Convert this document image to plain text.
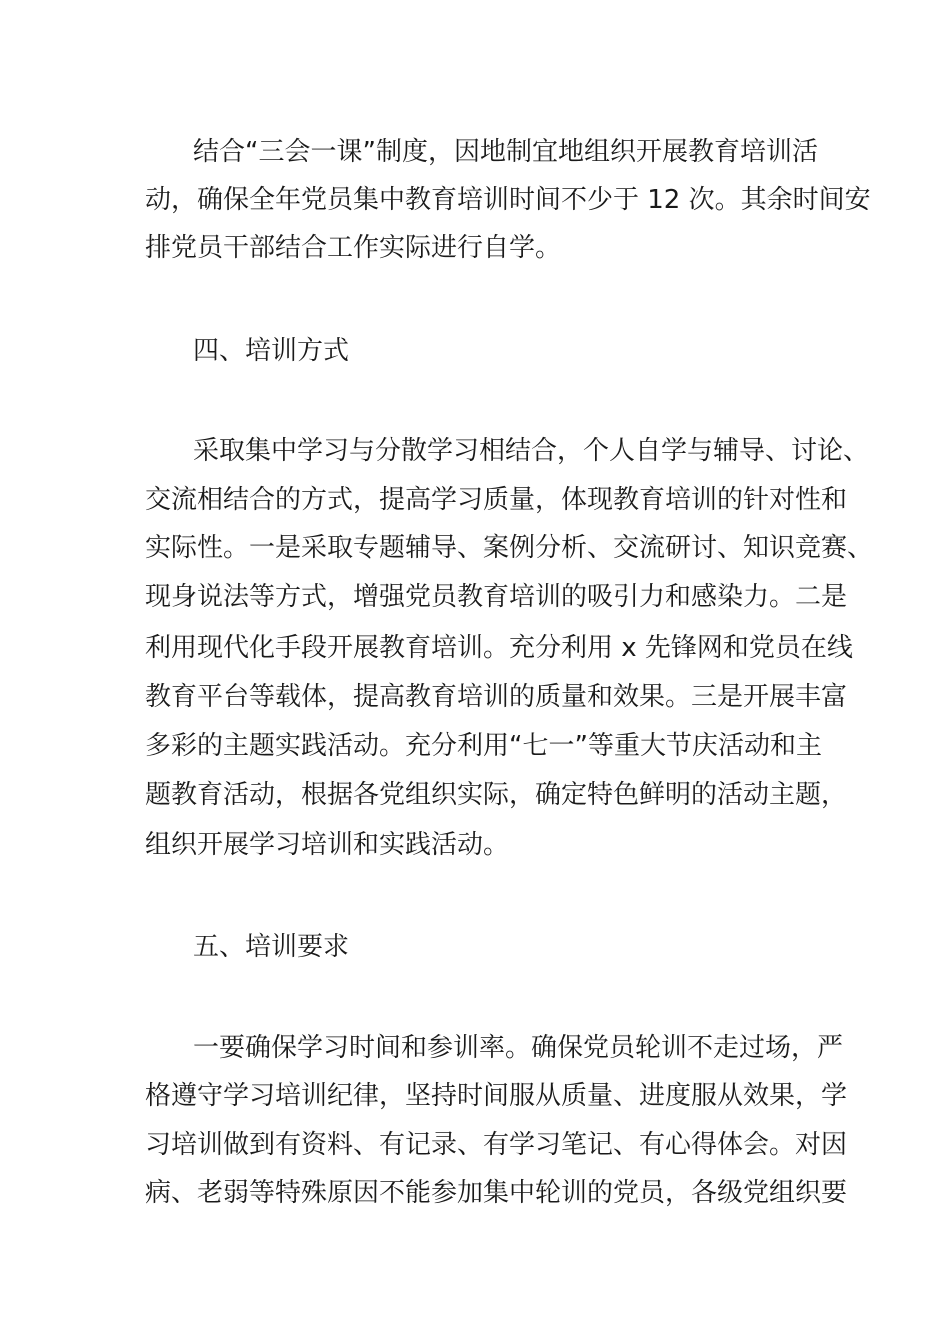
结合“三会一课”制度，因地制宜地组织开展教育培训活

动，确保全年党员集中教育培训时间不少于 12 次。其余时间安

排党员干部结合工作实际进行自学。

四、培训方式

采取集中学习与分散学习相结合，个人自学与辅导、讨论、

交流相结合的方式，提高学习质量，体现教育培训的针对性和

实际性。一是采取专题辅导、案例分析、交流研讨、知识竞赛、

现身说法等方式，增强党员教育培训的吸引力和感染力。二是

利用现代化手段开展教育培训。充分利用 x 先锋网和党员在线

教育平台等载体，提高教育培训的质量和效果。三是开展丰富

多彩的主题实践活动。充分利用“七一”等重大节庆活动和主

题教育活动，根据各党组织实际，确定特色鲜明的活动主题，

组织开展学习培训和实践活动。

五、培训要求

一要确保学习时间和参训率。确保党员轮训不走过场，严

格遵守学习培训纪律，坚持时间服从质量、进度服从效果，学

习培训做到有资料、有记录、有学习笔记、有心得体会。对因

病、老弱等特殊原因不能参加集中轮训的党员，各级党组织要
